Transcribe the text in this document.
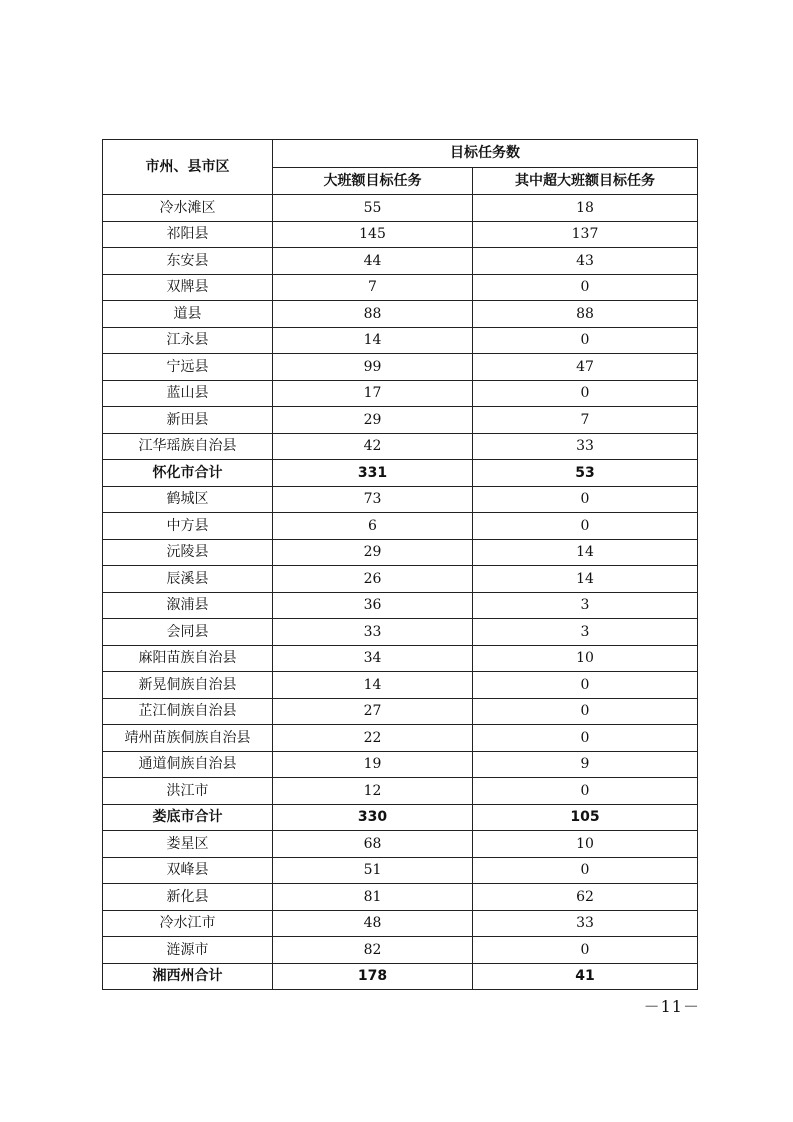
市州、县市区	目标任务数	
	大班额目标任务	其中超大班额目标任务
冷水滩区	55	18
祁阳县	145	137
东安县	44	43
双牌县	7	0
道县	88	88
江永县	14	0
宁远县	99	47
蓝山县	17	0
新田县	29	7
江华瑶族自治县	42	33
怀化市合计	331	53
鹤城区	73	0
中方县	6	0
沅陵县	29	14
辰溪县	26	14
溆浦县	36	3
会同县	33	3
麻阳苗族自治县	34	10
新晃侗族自治县	14	0
芷江侗族自治县	27	0
靖州苗族侗族自治县	22	0
通道侗族自治县	19	9
洪江市	12	0
娄底市合计	330	105
娄星区	68	10
双峰县	51	0
新化县	81	62
冷水江市	48	33
涟源市	82	0
湘西州合计	178	41
－11－
